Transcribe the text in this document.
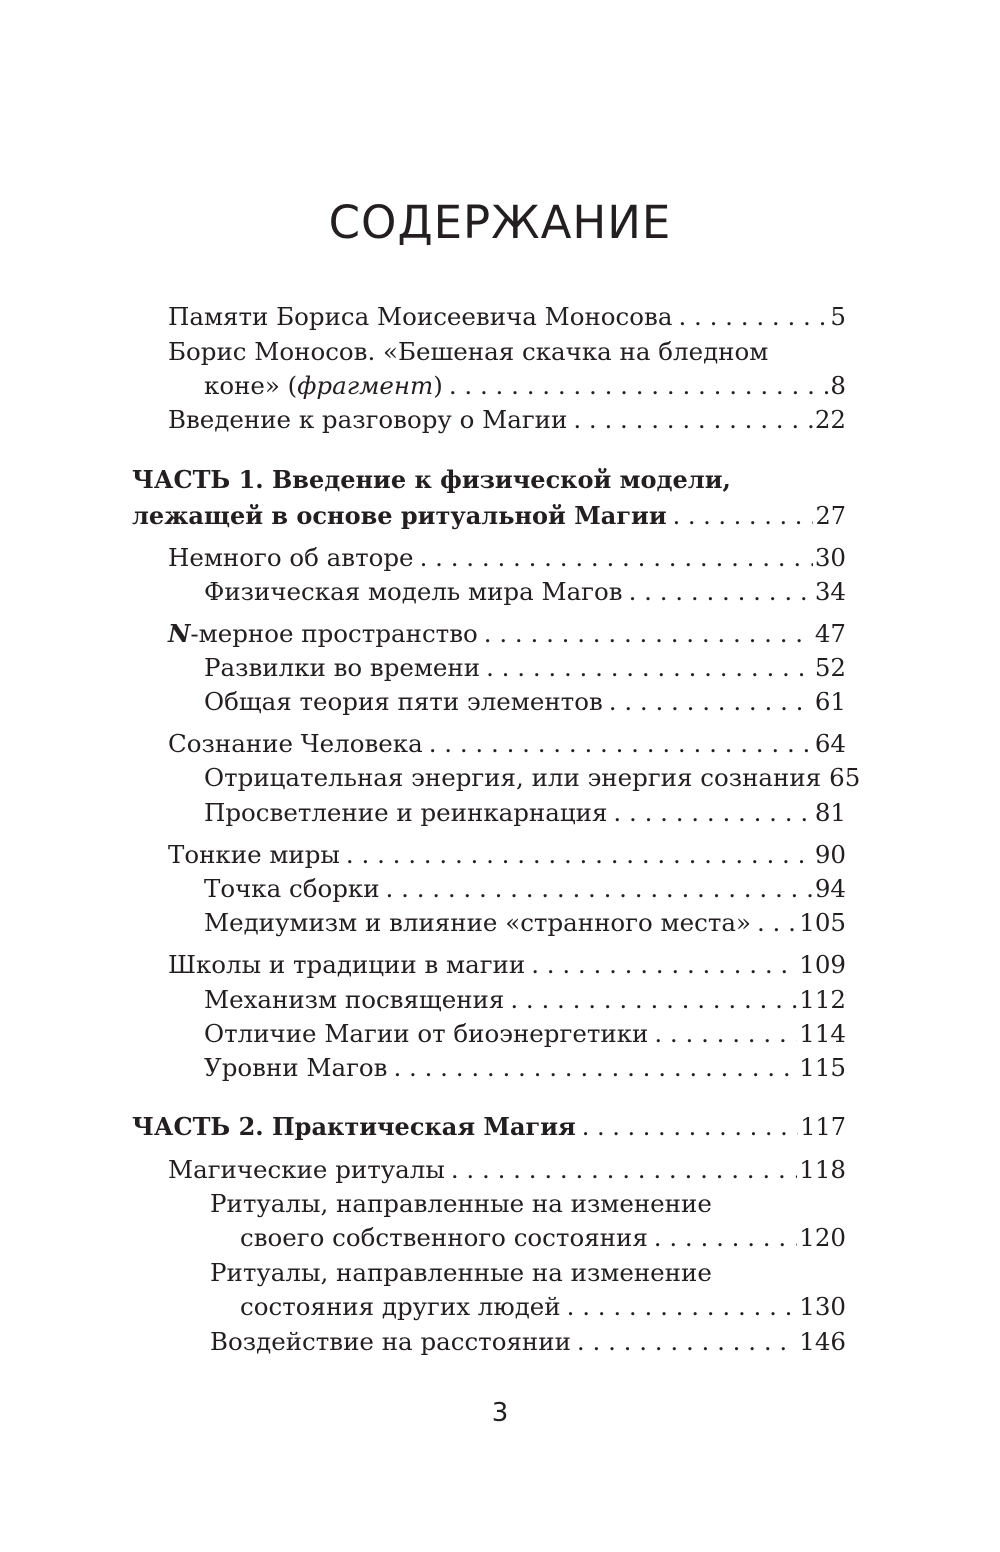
СОДЕРЖАНИЕ
Памяти Бориса Моисеевича Моносова . . .	5
Борис Моносов. «Бешеная скачка на бледном
коне» (фрагмент) . . .	8
Введение к разговору о Магии . . .	22
ЧАСТЬ 1. Введение к физической модели,
лежащей в основе ритуальной Магии . . .	27
Немного об авторе . . .	30
Физическая модель мира Магов . . .	34
N-мерное пространство . . .	47
Развилки во времени . . .	52
Общая теория пяти элементов . . .	61
Сознание Человека . . .	64
Отрицательная энергия, или энергия сознания . . . 65
Просветление и реинкарнация . . .	81
Тонкие миры . . .	90
Точка сборки . . .	94
Медиумизм и влияние «странного места» . . . 105
Школы и традиции в магии . . .	109
Механизм посвящения . . .	112
Отличие Магии от биоэнергетики . . .	114
Уровни Магов . . .	115
ЧАСТЬ 2. Практическая Магия . . .	117
Магические ритуалы . . .	118
Ритуалы, направленные на изменение
своего собственного состояния . . .	120
Ритуалы, направленные на изменение
состояния других людей . . .	130
Воздействие на расстоянии . . .	146
3
